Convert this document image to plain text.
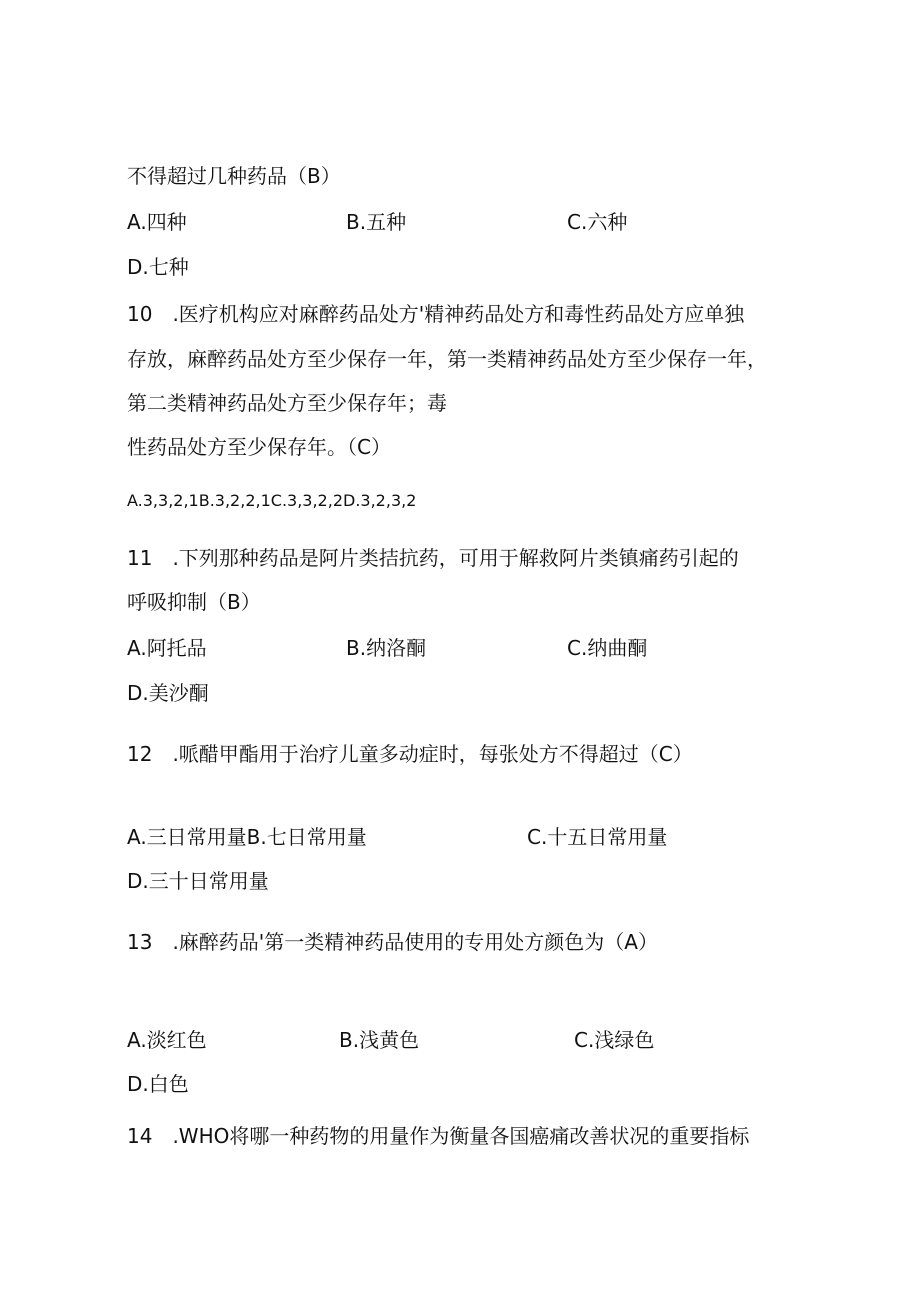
不得超过几种药品（B）
A.四种	B.五种	C.六种
D.七种
10　.医疗机构应对麻醉药品处方'精神药品处方和毒性药品处方应单独
存放，麻醉药品处方至少保存一年，第一类精神药品处方至少保存一年，
第二类精神药品处方至少保存年；毒
性药品处方至少保存年。（C）
A.3,3,2,1B.3,2,2,1C.3,3,2,2D.3,2,3,2
11　.下列那种药品是阿片类拮抗药，可用于解救阿片类镇痛药引起的
呼吸抑制（B）
A.阿托品	B.纳洛酮	C.纳曲酮
D.美沙酮
12　.哌醋甲酯用于治疗儿童多动症时，每张处方不得超过（C）
A.三日常用量B.七日常用量	C.十五日常用量
D.三十日常用量
13　.麻醉药品'第一类精神药品使用的专用处方颜色为（A）
A.淡红色	B.浅黄色	C.浅绿色
D.白色
14　.WHO将哪一种药物的用量作为衡量各国癌痛改善状况的重要指标
